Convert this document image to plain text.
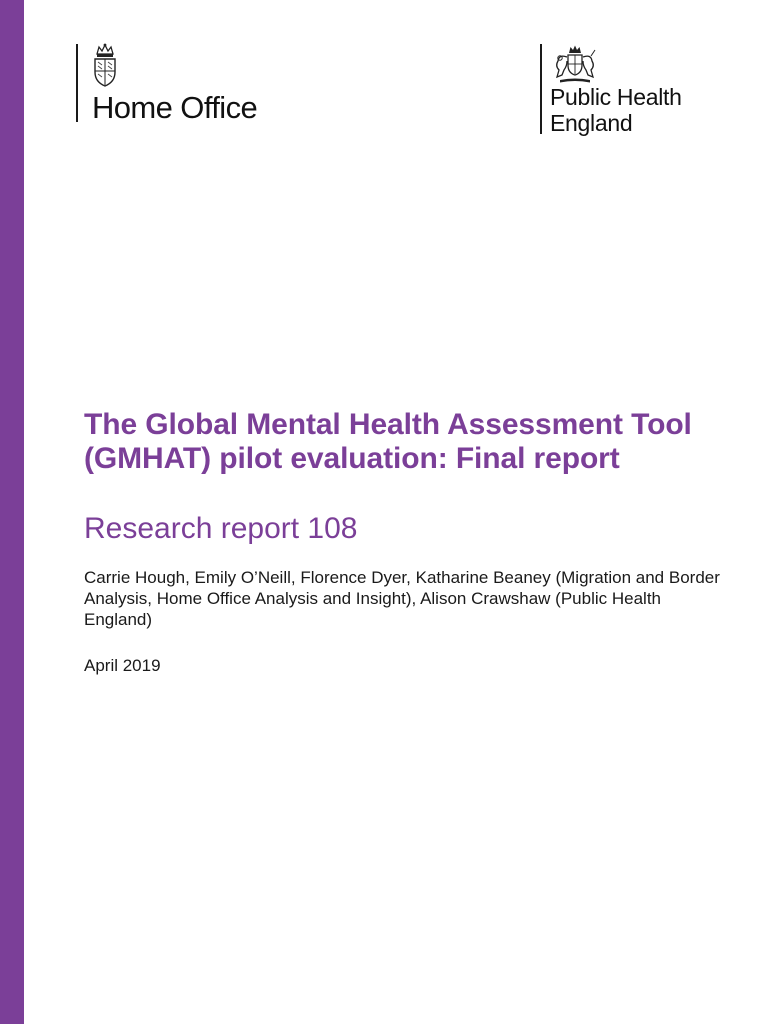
Home Office	Public Health
England
The Global Mental Health Assessment Tool (GMHAT) pilot evaluation: Final report
Research report 108
Carrie Hough, Emily O’Neill, Florence Dyer, Katharine Beaney (Migration and Border Analysis, Home Office Analysis and Insight), Alison Crawshaw (Public Health England)
April 2019
